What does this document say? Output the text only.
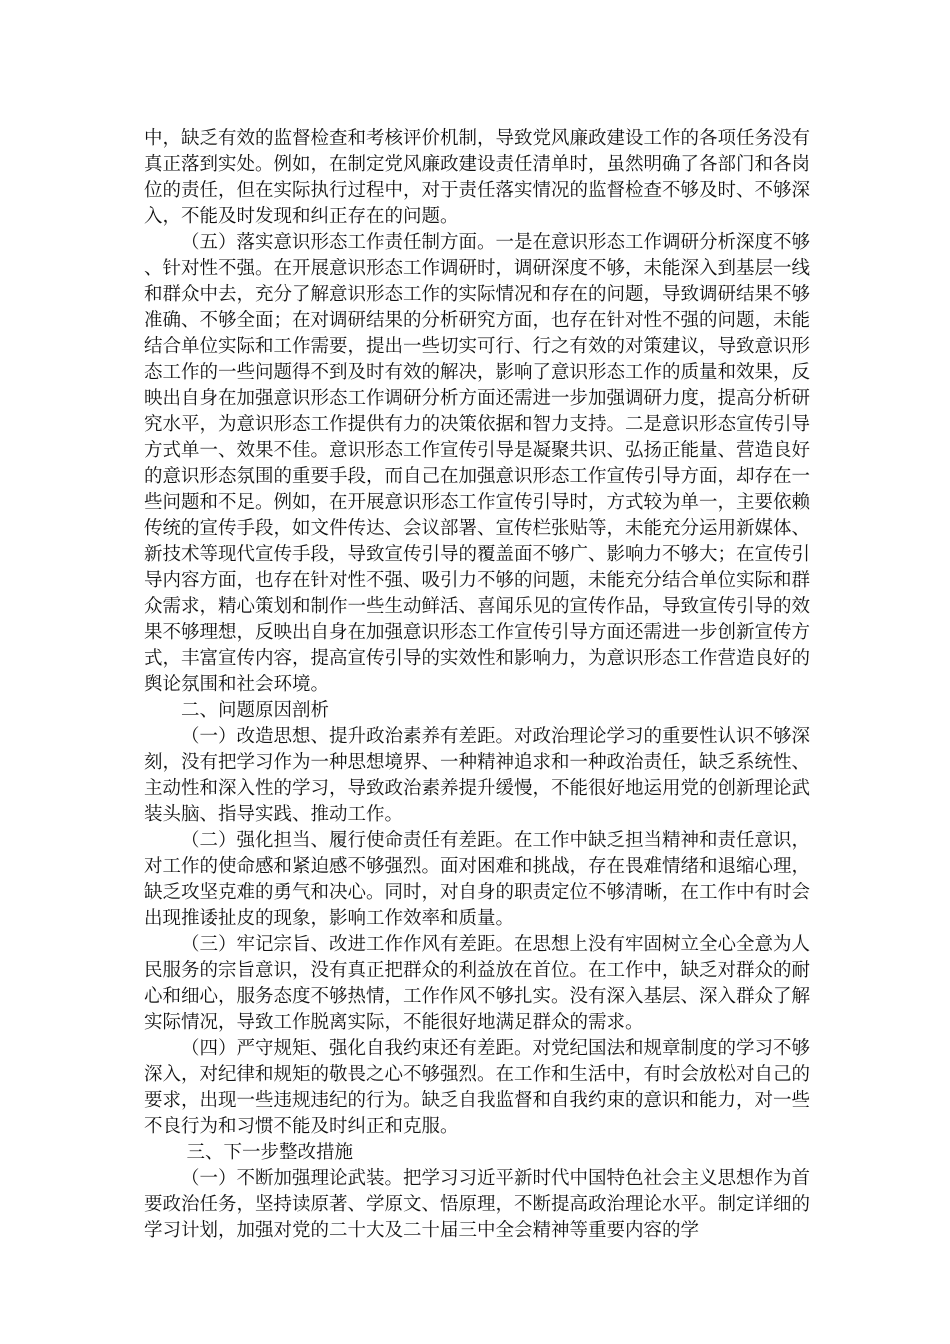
中，缺乏有效的监督检查和考核评价机制，导致党风廉政建设工作的各项任务没有真正落到实处。例如，在制定党风廉政建设责任清单时，虽然明确了各部门和各岗位的责任，但在实际执行过程中，对于责任落实情况的监督检查不够及时、不够深入，不能及时发现和纠正存在的问题。

（五）落实意识形态工作责任制方面。一是在意识形态工作调研分析深度不够、针对性不强。在开展意识形态工作调研时，调研深度不够，未能深入到基层一线和群众中去，充分了解意识形态工作的实际情况和存在的问题，导致调研结果不够准确、不够全面；在对调研结果的分析研究方面，也存在针对性不强的问题，未能结合单位实际和工作需要，提出一些切实可行、行之有效的对策建议，导致意识形态工作的一些问题得不到及时有效的解决，影响了意识形态工作的质量和效果，反映出自身在加强意识形态工作调研分析方面还需进一步加强调研力度，提高分析研究水平，为意识形态工作提供有力的决策依据和智力支持。二是意识形态宣传引导方式单一、效果不佳。意识形态工作宣传引导是凝聚共识、弘扬正能量、营造良好的意识形态氛围的重要手段，而自己在加强意识形态工作宣传引导方面，却存在一些问题和不足。例如，在开展意识形态工作宣传引导时，方式较为单一，主要依赖传统的宣传手段，如文件传达、会议部署、宣传栏张贴等，未能充分运用新媒体、新技术等现代宣传手段，导致宣传引导的覆盖面不够广、影响力不够大；在宣传引导内容方面，也存在针对性不强、吸引力不够的问题，未能充分结合单位实际和群众需求，精心策划和制作一些生动鲜活、喜闻乐见的宣传作品，导致宣传引导的效果不够理想，反映出自身在加强意识形态工作宣传引导方面还需进一步创新宣传方式，丰富宣传内容，提高宣传引导的实效性和影响力，为意识形态工作营造良好的舆论氛围和社会环境。

二、问题原因剖析

（一）改造思想、提升政治素养有差距。对政治理论学习的重要性认识不够深刻，没有把学习作为一种思想境界、一种精神追求和一种政治责任，缺乏系统性、主动性和深入性的学习，导致政治素养提升缓慢，不能很好地运用党的创新理论武装头脑、指导实践、推动工作。

（二）强化担当、履行使命责任有差距。在工作中缺乏担当精神和责任意识，对工作的使命感和紧迫感不够强烈。面对困难和挑战，存在畏难情绪和退缩心理，缺乏攻坚克难的勇气和决心。同时，对自身的职责定位不够清晰，在工作中有时会出现推诿扯皮的现象，影响工作效率和质量。

（三）牢记宗旨、改进工作作风有差距。在思想上没有牢固树立全心全意为人民服务的宗旨意识，没有真正把群众的利益放在首位。在工作中，缺乏对群众的耐心和细心，服务态度不够热情，工作作风不够扎实。没有深入基层、深入群众了解实际情况，导致工作脱离实际，不能很好地满足群众的需求。

（四）严守规矩、强化自我约束还有差距。对党纪国法和规章制度的学习不够深入，对纪律和规矩的敬畏之心不够强烈。在工作和生活中，有时会放松对自己的要求，出现一些违规违纪的行为。缺乏自我监督和自我约束的意识和能力，对一些不良行为和习惯不能及时纠正和克服。

三、下一步整改措施

（一）不断加强理论武装。把学习习近平新时代中国特色社会主义思想作为首要政治任务，坚持读原著、学原文、悟原理，不断提高政治理论水平。制定详细的学习计划，加强对党的二十大及二十届三中全会精神等重要内容的学
